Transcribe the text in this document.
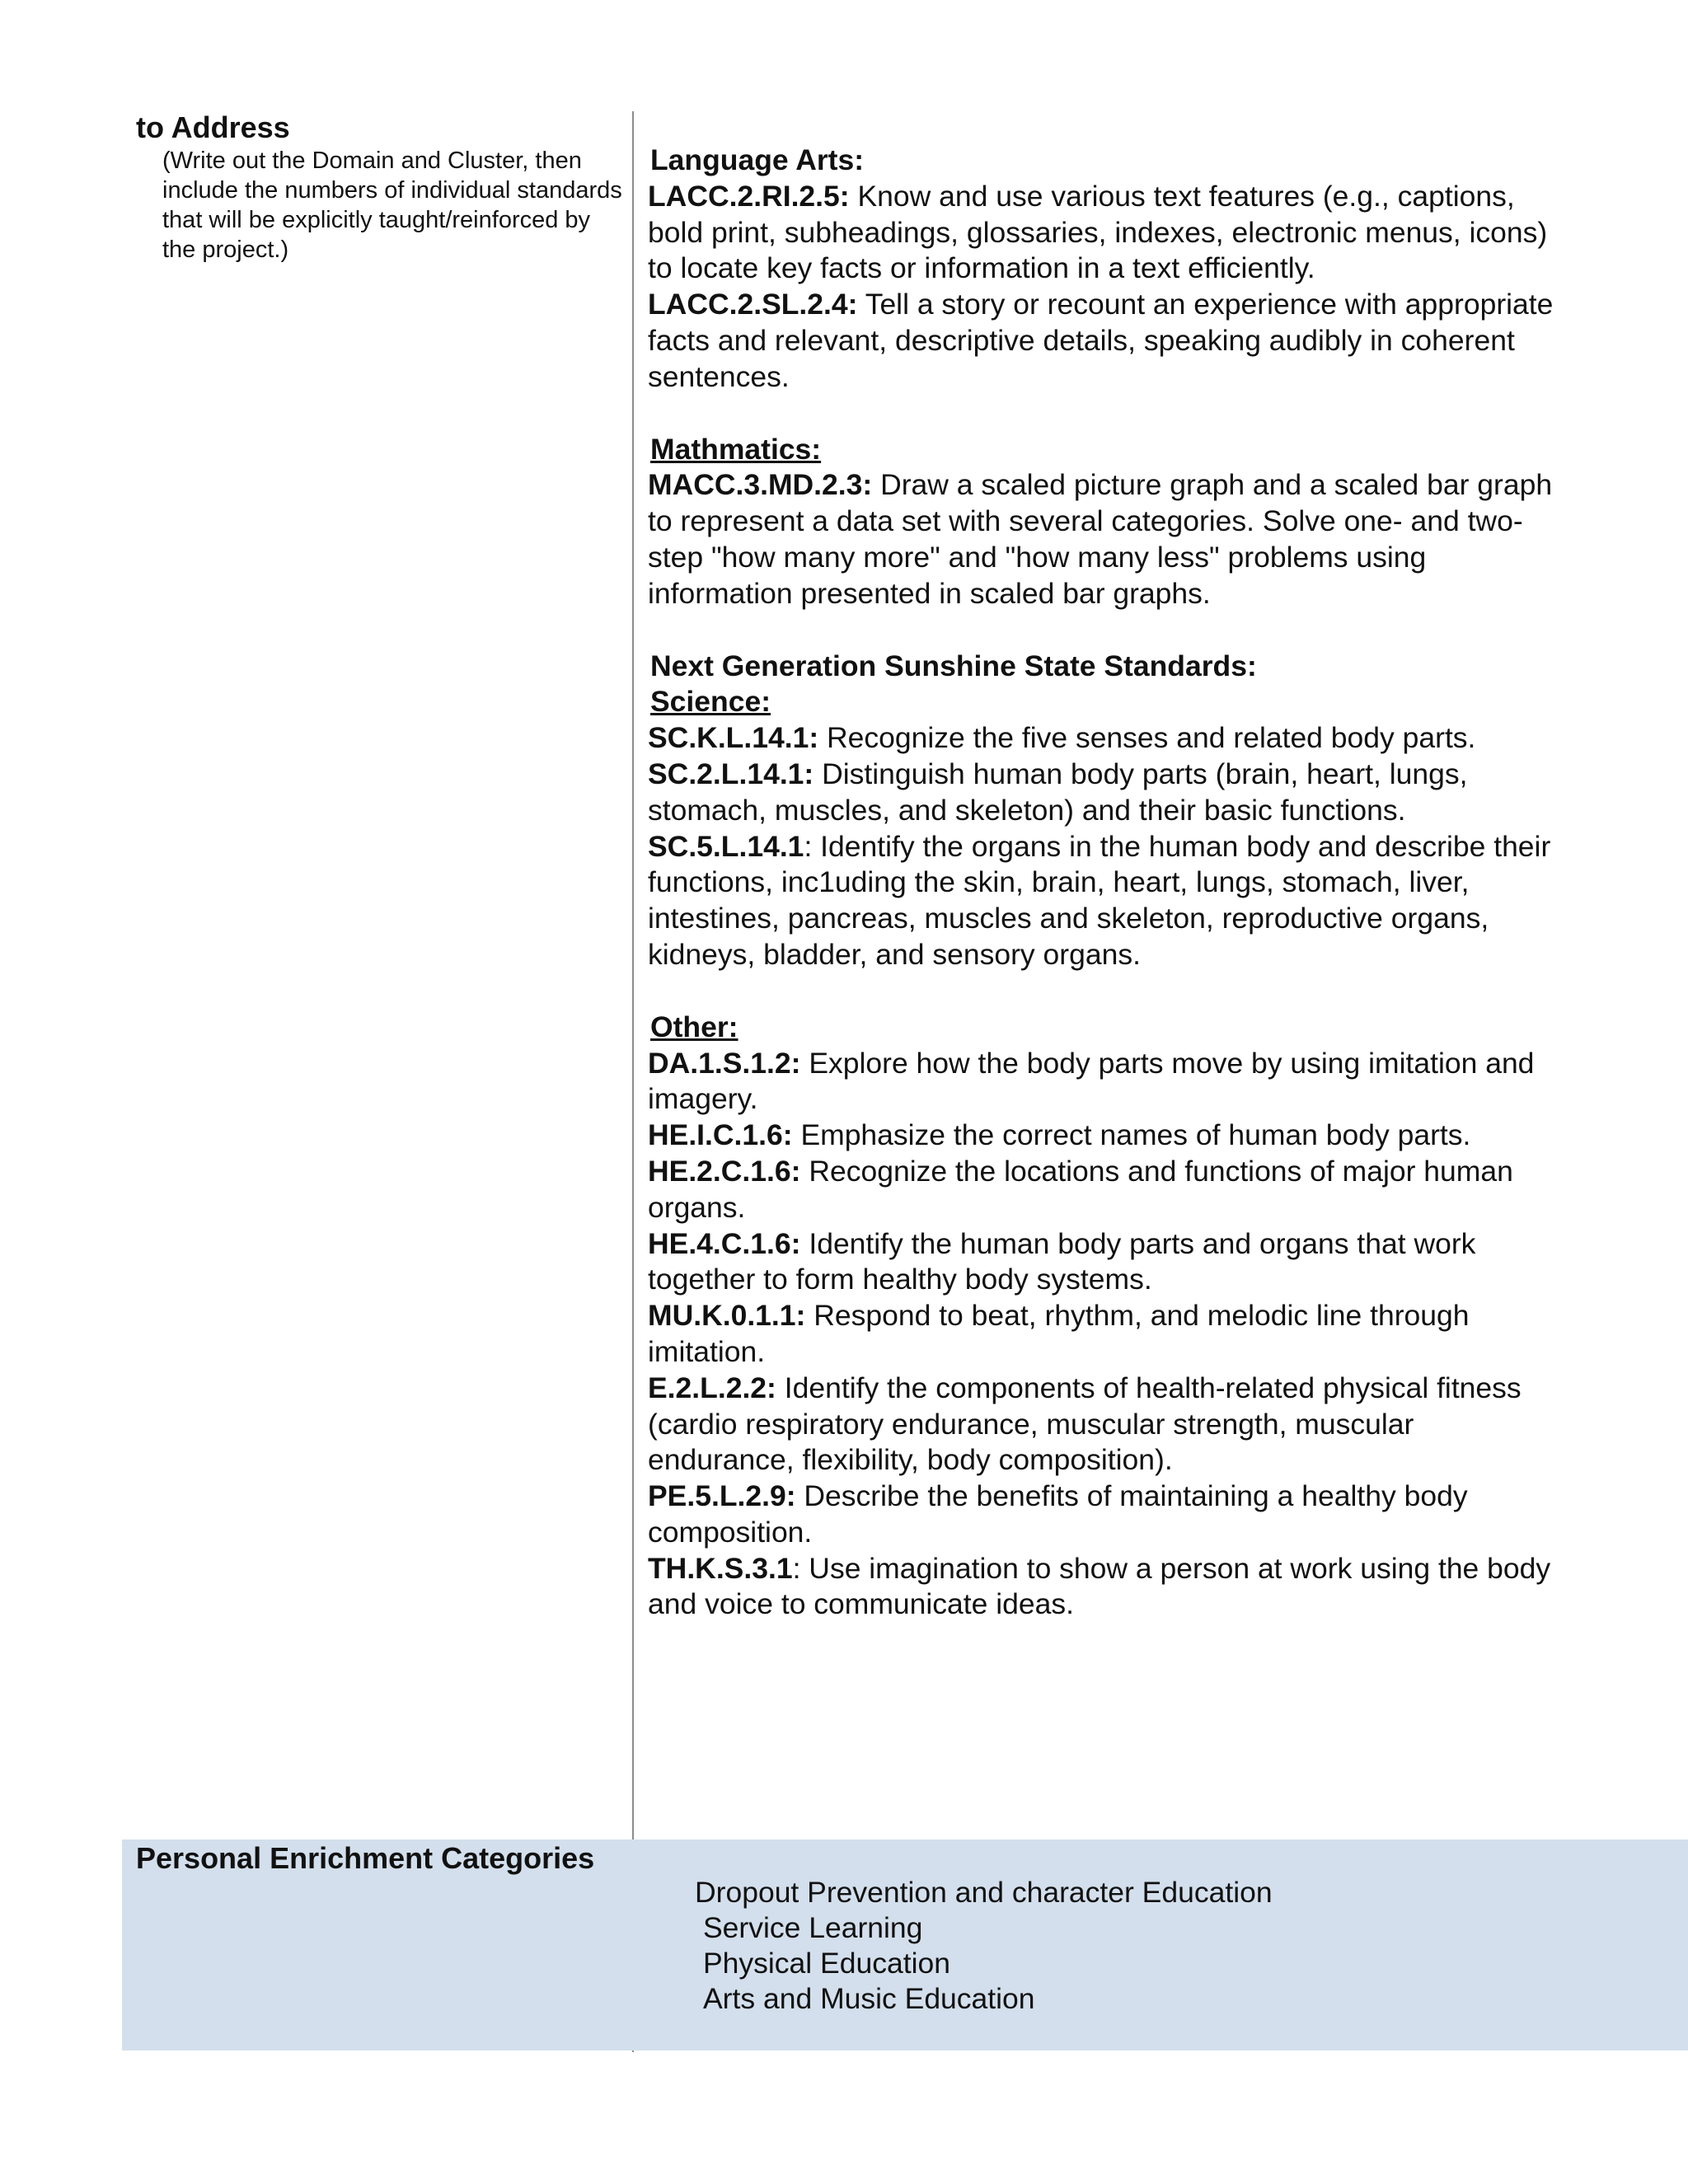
to Address

(Write out the Domain and Cluster, then include the numbers of individual standards that will be explicitly taught/reinforced by the project.)

Language Arts:

LACC.2.RI.2.5: Know and use various text features (e.g., captions, bold print, subheadings, glossaries, indexes, electronic menus, icons) to locate key facts or information in a text efficiently.

LACC.2.SL.2.4: Tell a story or recount an experience with appropriate facts and relevant, descriptive details, speaking audibly in coherent sentences.

Mathmatics:

MACC.3.MD.2.3: Draw a scaled picture graph and a scaled bar graph to represent a data set with several categories. Solve one- and two-step "how many more" and "how many less" problems using information presented in scaled bar graphs.

Next Generation Sunshine State Standards:

Science:

SC.K.L.14.1: Recognize the five senses and related body parts.

SC.2.L.14.1: Distinguish human body parts (brain, heart, lungs, stomach, muscles, and skeleton) and their basic functions.

SC.5.L.14.1: Identify the organs in the human body and describe their functions, inc1uding the skin, brain, heart, lungs, stomach, liver, intestines, pancreas, muscles and skeleton, reproductive organs, kidneys, bladder, and sensory organs.

Other:

DA.1.S.1.2: Explore how the body parts move by using imitation and imagery.

HE.I.C.1.6: Emphasize the correct names of human body parts.

HE.2.C.1.6: Recognize the locations and functions of major human organs.

HE.4.C.1.6: Identify the human body parts and organs that work together to form healthy body systems.

MU.K.0.1.1: Respond to beat, rhythm, and melodic line through imitation.

E.2.L.2.2: Identify the components of health-related physical fitness (cardio respiratory endurance, muscular strength, muscular endurance, flexibility, body composition).

PE.5.L.2.9: Describe the benefits of maintaining a healthy body composition.

TH.K.S.3.1: Use imagination to show a person at work using the body and voice to communicate ideas.

Personal Enrichment Categories

Dropout Prevention and character Education
Service Learning
Physical Education
Arts and Music Education
